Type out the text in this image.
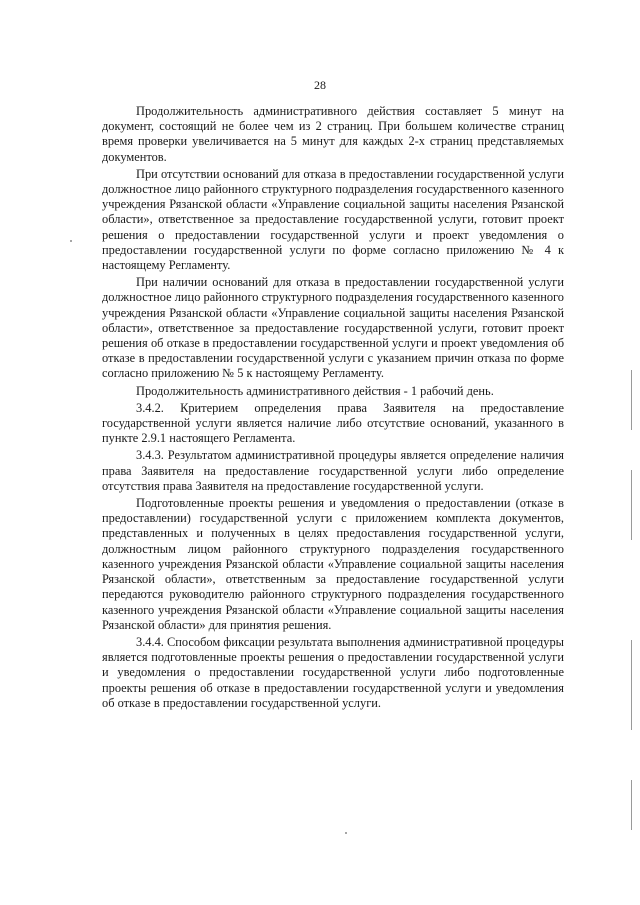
28

Продолжительность административного действия составляет 5 минут на документ, состоящий не более чем из 2 страниц. При большем количестве страниц время проверки увеличивается на 5 минут для каждых 2-х страниц представляемых документов.

При отсутствии оснований для отказа в предоставлении государственной услуги должностное лицо районного структурного подразделения государственного казенного учреждения Рязанской области «Управление социальной защиты населения Рязанской области», ответственное за предоставление государственной услуги, готовит проект решения о предоставлении государственной услуги и проект уведомления о предоставлении государственной услуги по форме согласно приложению № 4 к настоящему Регламенту.

При наличии оснований для отказа в предоставлении государственной услуги должностное лицо районного структурного подразделения государственного казенного учреждения Рязанской области «Управление социальной защиты населения Рязанской области», ответственное за предоставление государственной услуги, готовит проект решения об отказе в предоставлении государственной услуги и проект уведомления об отказе в предоставлении государственной услуги с указанием причин отказа по форме согласно приложению № 5 к настоящему Регламенту.

Продолжительность административного действия - 1 рабочий день.

3.4.2. Критерием определения права Заявителя на предоставление государственной услуги является наличие либо отсутствие оснований, указанного в пункте 2.9.1 настоящего Регламента.

3.4.3. Результатом административной процедуры является определение наличия права Заявителя на предоставление государственной услуги либо определение отсутствия права Заявителя на предоставление государственной услуги.

Подготовленные проекты решения и уведомления о предоставлении (отказе в предоставлении) государственной услуги с приложением комплекта документов, представленных и полученных в целях предоставления государственной услуги, должностным лицом районного структурного подразделения государственного казенного учреждения Рязанской области «Управление социальной защиты населения Рязанской области», ответственным за предоставление государственной услуги передаются руководителю районного структурного подразделения государственного казенного учреждения Рязанской области «Управление социальной защиты населения Рязанской области» для принятия решения.

3.4.4. Способом фиксации результата выполнения административной процедуры является подготовленные проекты решения о предоставлении государственной услуги и уведомления о предоставлении государственной услуги либо подготовленные проекты решения об отказе в предоставлении государственной услуги и уведомления об отказе в предоставлении государственной услуги.
